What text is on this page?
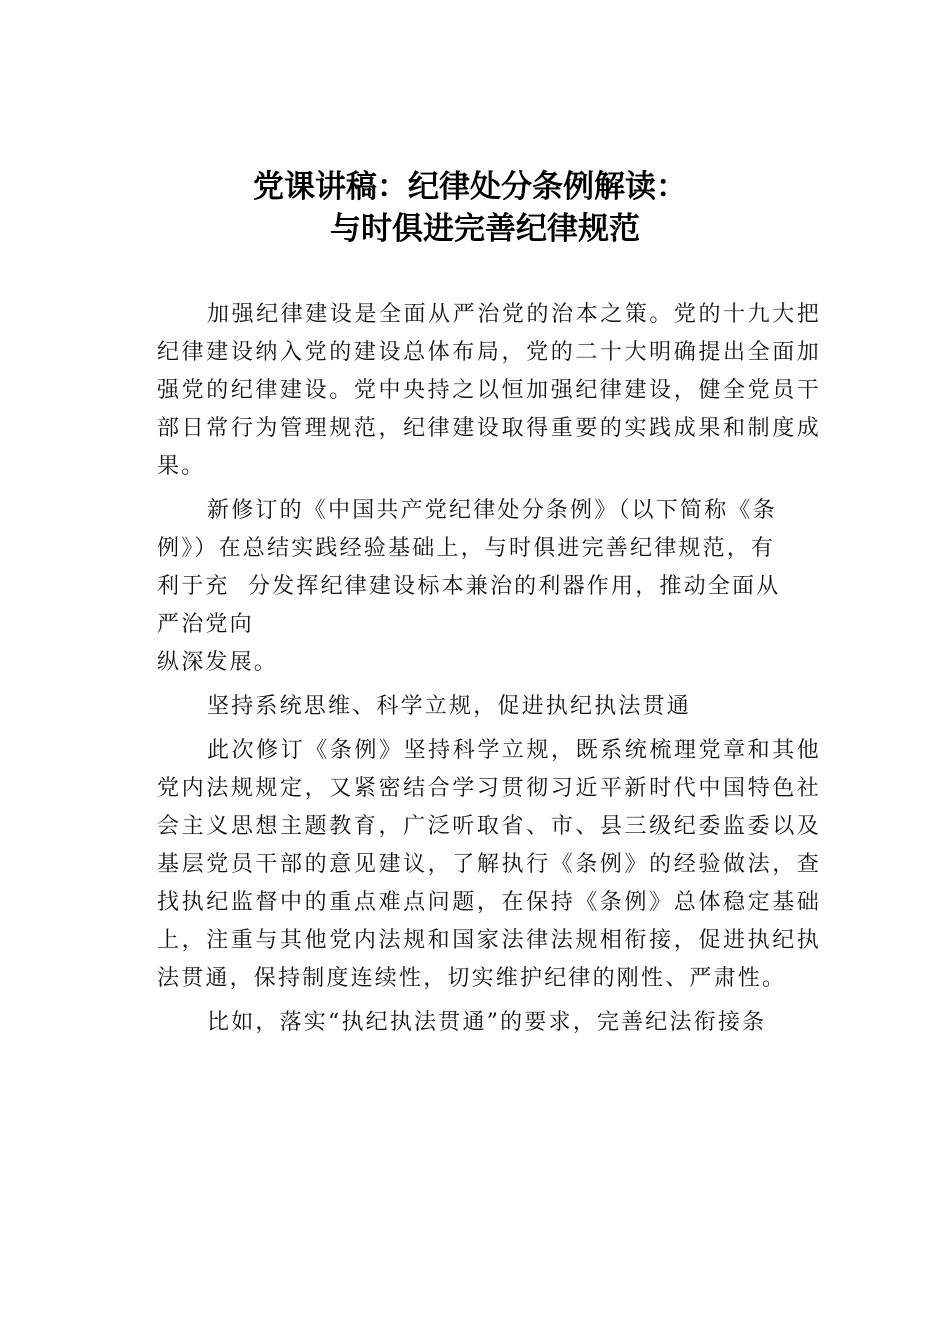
党课讲稿：纪律处分条例解读：
与时俱进完善纪律规范

加强纪律建设是全面从严治党的治本之策。党的十九大把纪律建设纳入党的建设总体布局，党的二十大明确提出全面加强党的纪律建设。党中央持之以恒加强纪律建设，健全党员干部日常行为管理规范，纪律建设取得重要的实践成果和制度成果。

新修订的《中国共产党纪律处分条例》（以下简称《条
例》）在总结实践经验基础上，与时俱进完善纪律规范，有
利于充  分发挥纪律建设标本兼治的利器作用，推动全面从
严治党向
纵深发展。

坚持系统思维、科学立规，促进执纪执法贯通

此次修订《条例》坚持科学立规，既系统梳理党章和其他党内法规规定，又紧密结合学习贯彻习近平新时代中国特色社会主义思想主题教育，广泛听取省、市、县三级纪委监委以及基层党员干部的意见建议，了解执行《条例》的经验做法，查找执纪监督中的重点难点问题，在保持《条例》总体稳定基础上，注重与其他党内法规和国家法律法规相衔接，促进执纪执法贯通，保持制度连续性，切实维护纪律的刚性、严肃性。

比如，落实“执纪执法贯通”的要求，完善纪法衔接条
